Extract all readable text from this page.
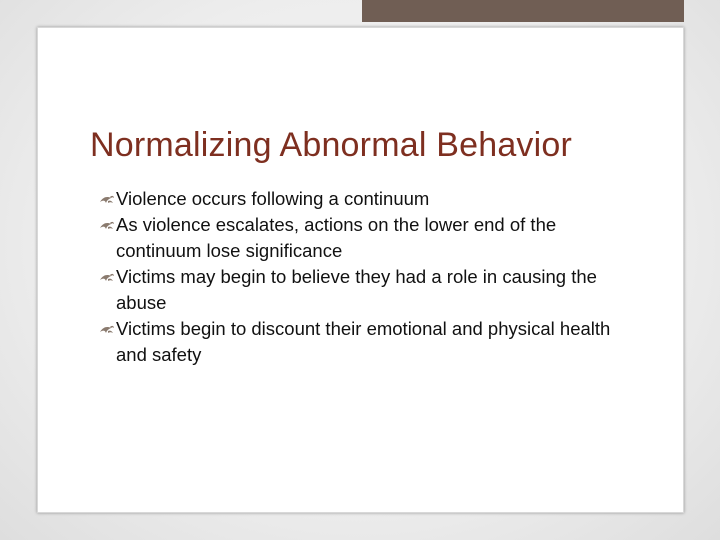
Normalizing Abnormal Behavior
Violence occurs following a continuum
As violence escalates, actions on the lower end of the continuum lose significance
Victims may begin to believe they had a role in causing the abuse
Victims begin to discount their emotional and physical health and safety
